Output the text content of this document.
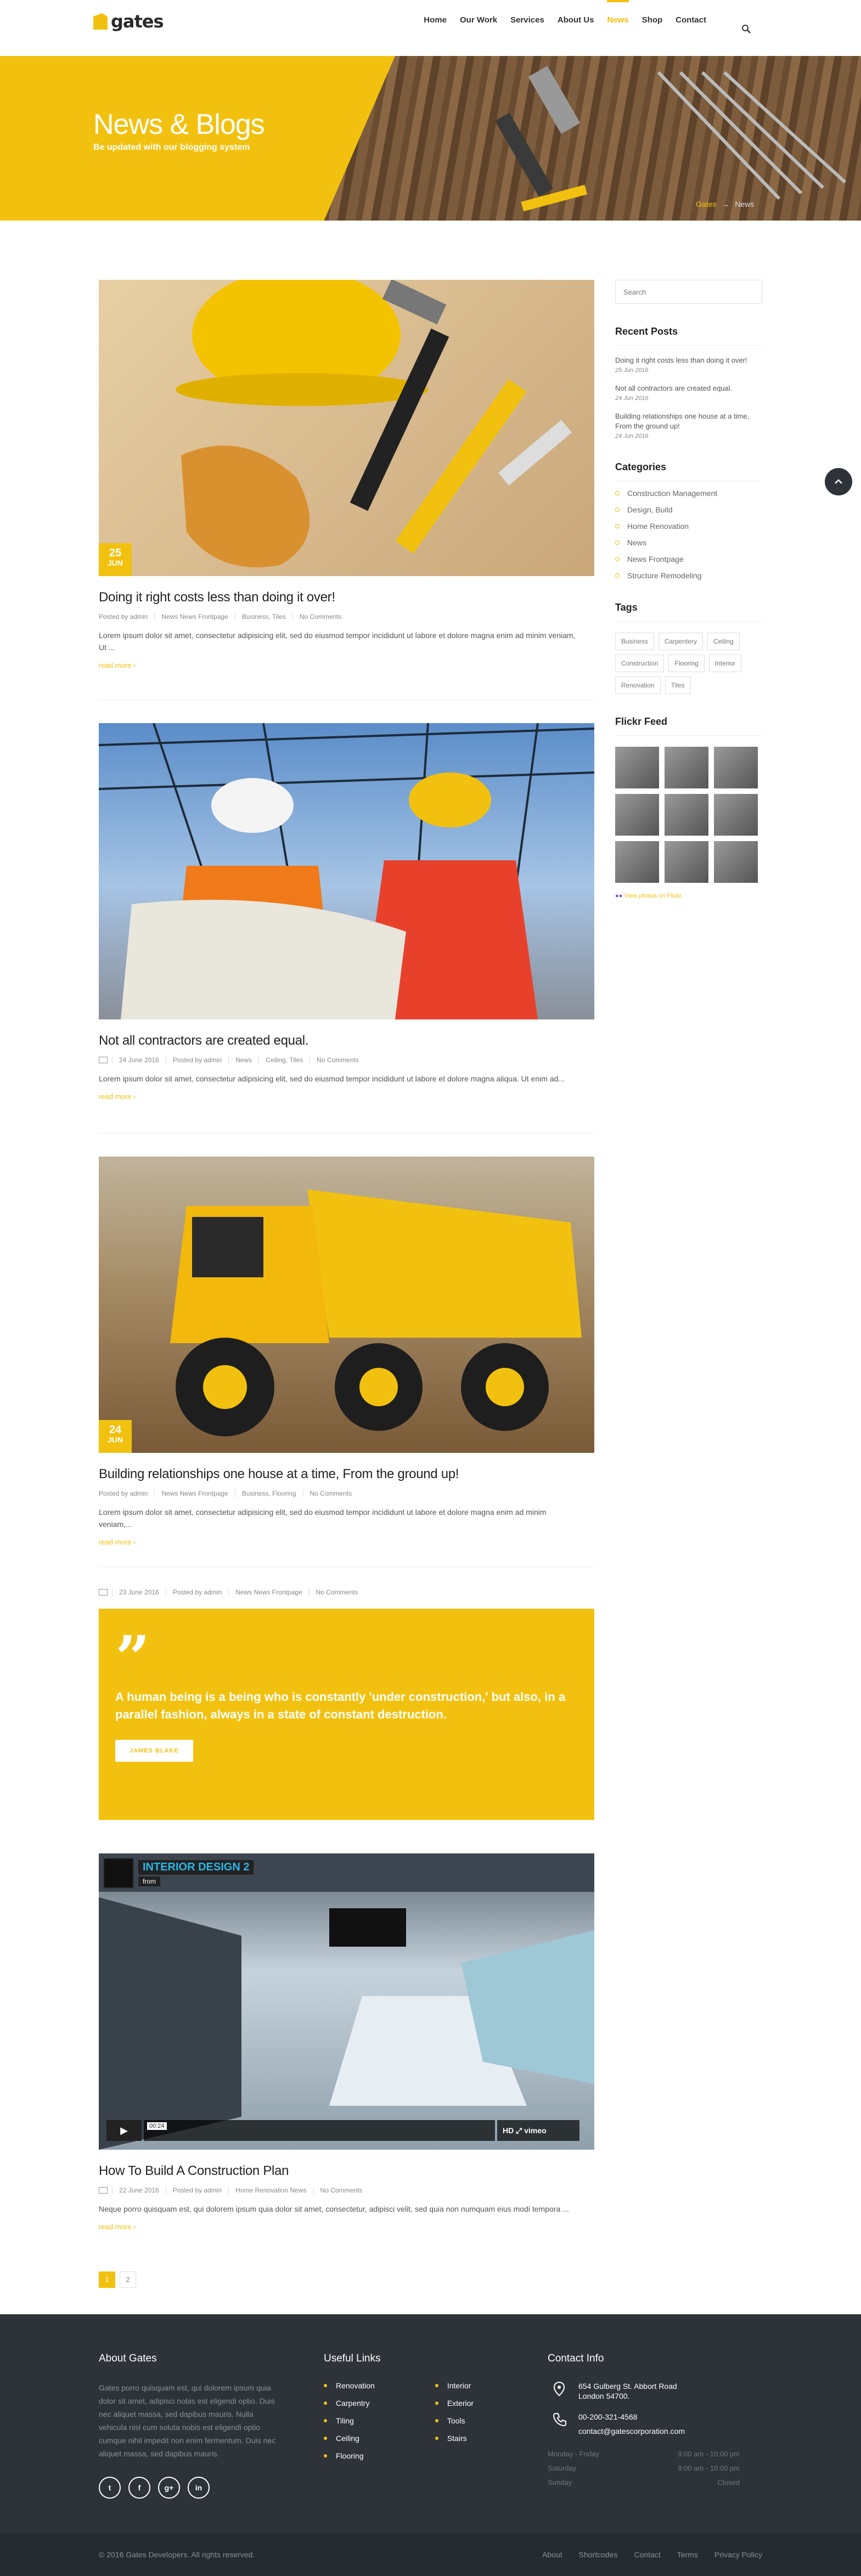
gates	Home	Our Work	Services	About Us	News	Shop	Contact
News & Blogs
Be updated with our blogging system
Gates → News
25
JUN
Doing it right costs less than doing it over!
Posted by admin	News News Frontpage	Business, Tiles	No Comments

Lorem ipsum dolor sit amet, consectetur adipisicing elit, sed do eiusmod tempor incididunt ut labore et dolore magna enim ad minim veniam, Ut ...

read more ›
Not all contractors are created equal.
24 June 2016	Posted by admin	News	Ceiling, Tiles	No Comments

Lorem ipsum dolor sit amet, consectetur adipisicing elit, sed do eiusmod tempor incididunt ut labore et dolore magna aliqua. Ut enim ad...

read more ›
24
JUN
Building relationships one house at a time, From the ground up!
Posted by admin	News News Frontpage	Business, Flooring	No Comments

Lorem ipsum dolor sit amet, consectetur adipisicing elit, sed do eiusmod tempor incididunt ut labore et dolore magna enim ad minim veniam,...

read more ›
23 June 2016	Posted by admin	News News Frontpage	No Comments
”

A human being is a being who is constantly 'under construction,' but also, in a parallel fashion, always in a state of constant destruction.

JAMES BLAKE
INTERIOR DESIGN 2
from
▶	00:24	HD ⤢ vimeo
How To Build A Construction Plan
22 June 2016	Posted by admin	Home Renovation News	No Comments

Neque porro quisquam est, qui dolorem ipsum quia dolor sit amet, consectetur, adipisci velit, sed quia non numquam eius modi tempora ...

read more ›
1	2
Search
Recent Posts
Doing it right costs less than doing it over!
25 Jun 2016
Not all contractors are created equal.
24 Jun 2016
Building relationships one house at a time, From the ground up!
24 Jun 2016
Categories
Construction Management
Design, Build
Home Renovation
News
News Frontpage
Structure Remodeling
Tags
Business	Carpentery	Ceiling
Construction	Flooring	Interior
Renovation	Tiles
Flickr Feed
●● View photos on Flickr
About Gates

Gates porro quisquam est, qui dolorem ipsum quia dolor sit amet, adipisci nobis est eligendi optio. Duis nec aliquet massa, sed dapibus mauris. Nulla vehicula nisl cum soluta nobis est eligendi optio cumque nihil impedit non enim fermentum. Duis nec aliquet massa, sed dapibus mauris.

t	f	g+	in
Useful Links
Renovation
Carpentry
Tiling
Ceiling
Flooring
Interior
Exterior
Tools
Stairs
Contact Info
654 Gulberg St. Abbort Road London 54700.
00-200-321-4568
contact@gatescorporation.com
Monday - Friday	9:00 am - 10:00 pm
Saturday	9:00 am - 10:00 pm
Sunday	Closed
© 2016 Gates Developers. All rights reserved.	About Shortcodes Contact Terms Privacy Policy
